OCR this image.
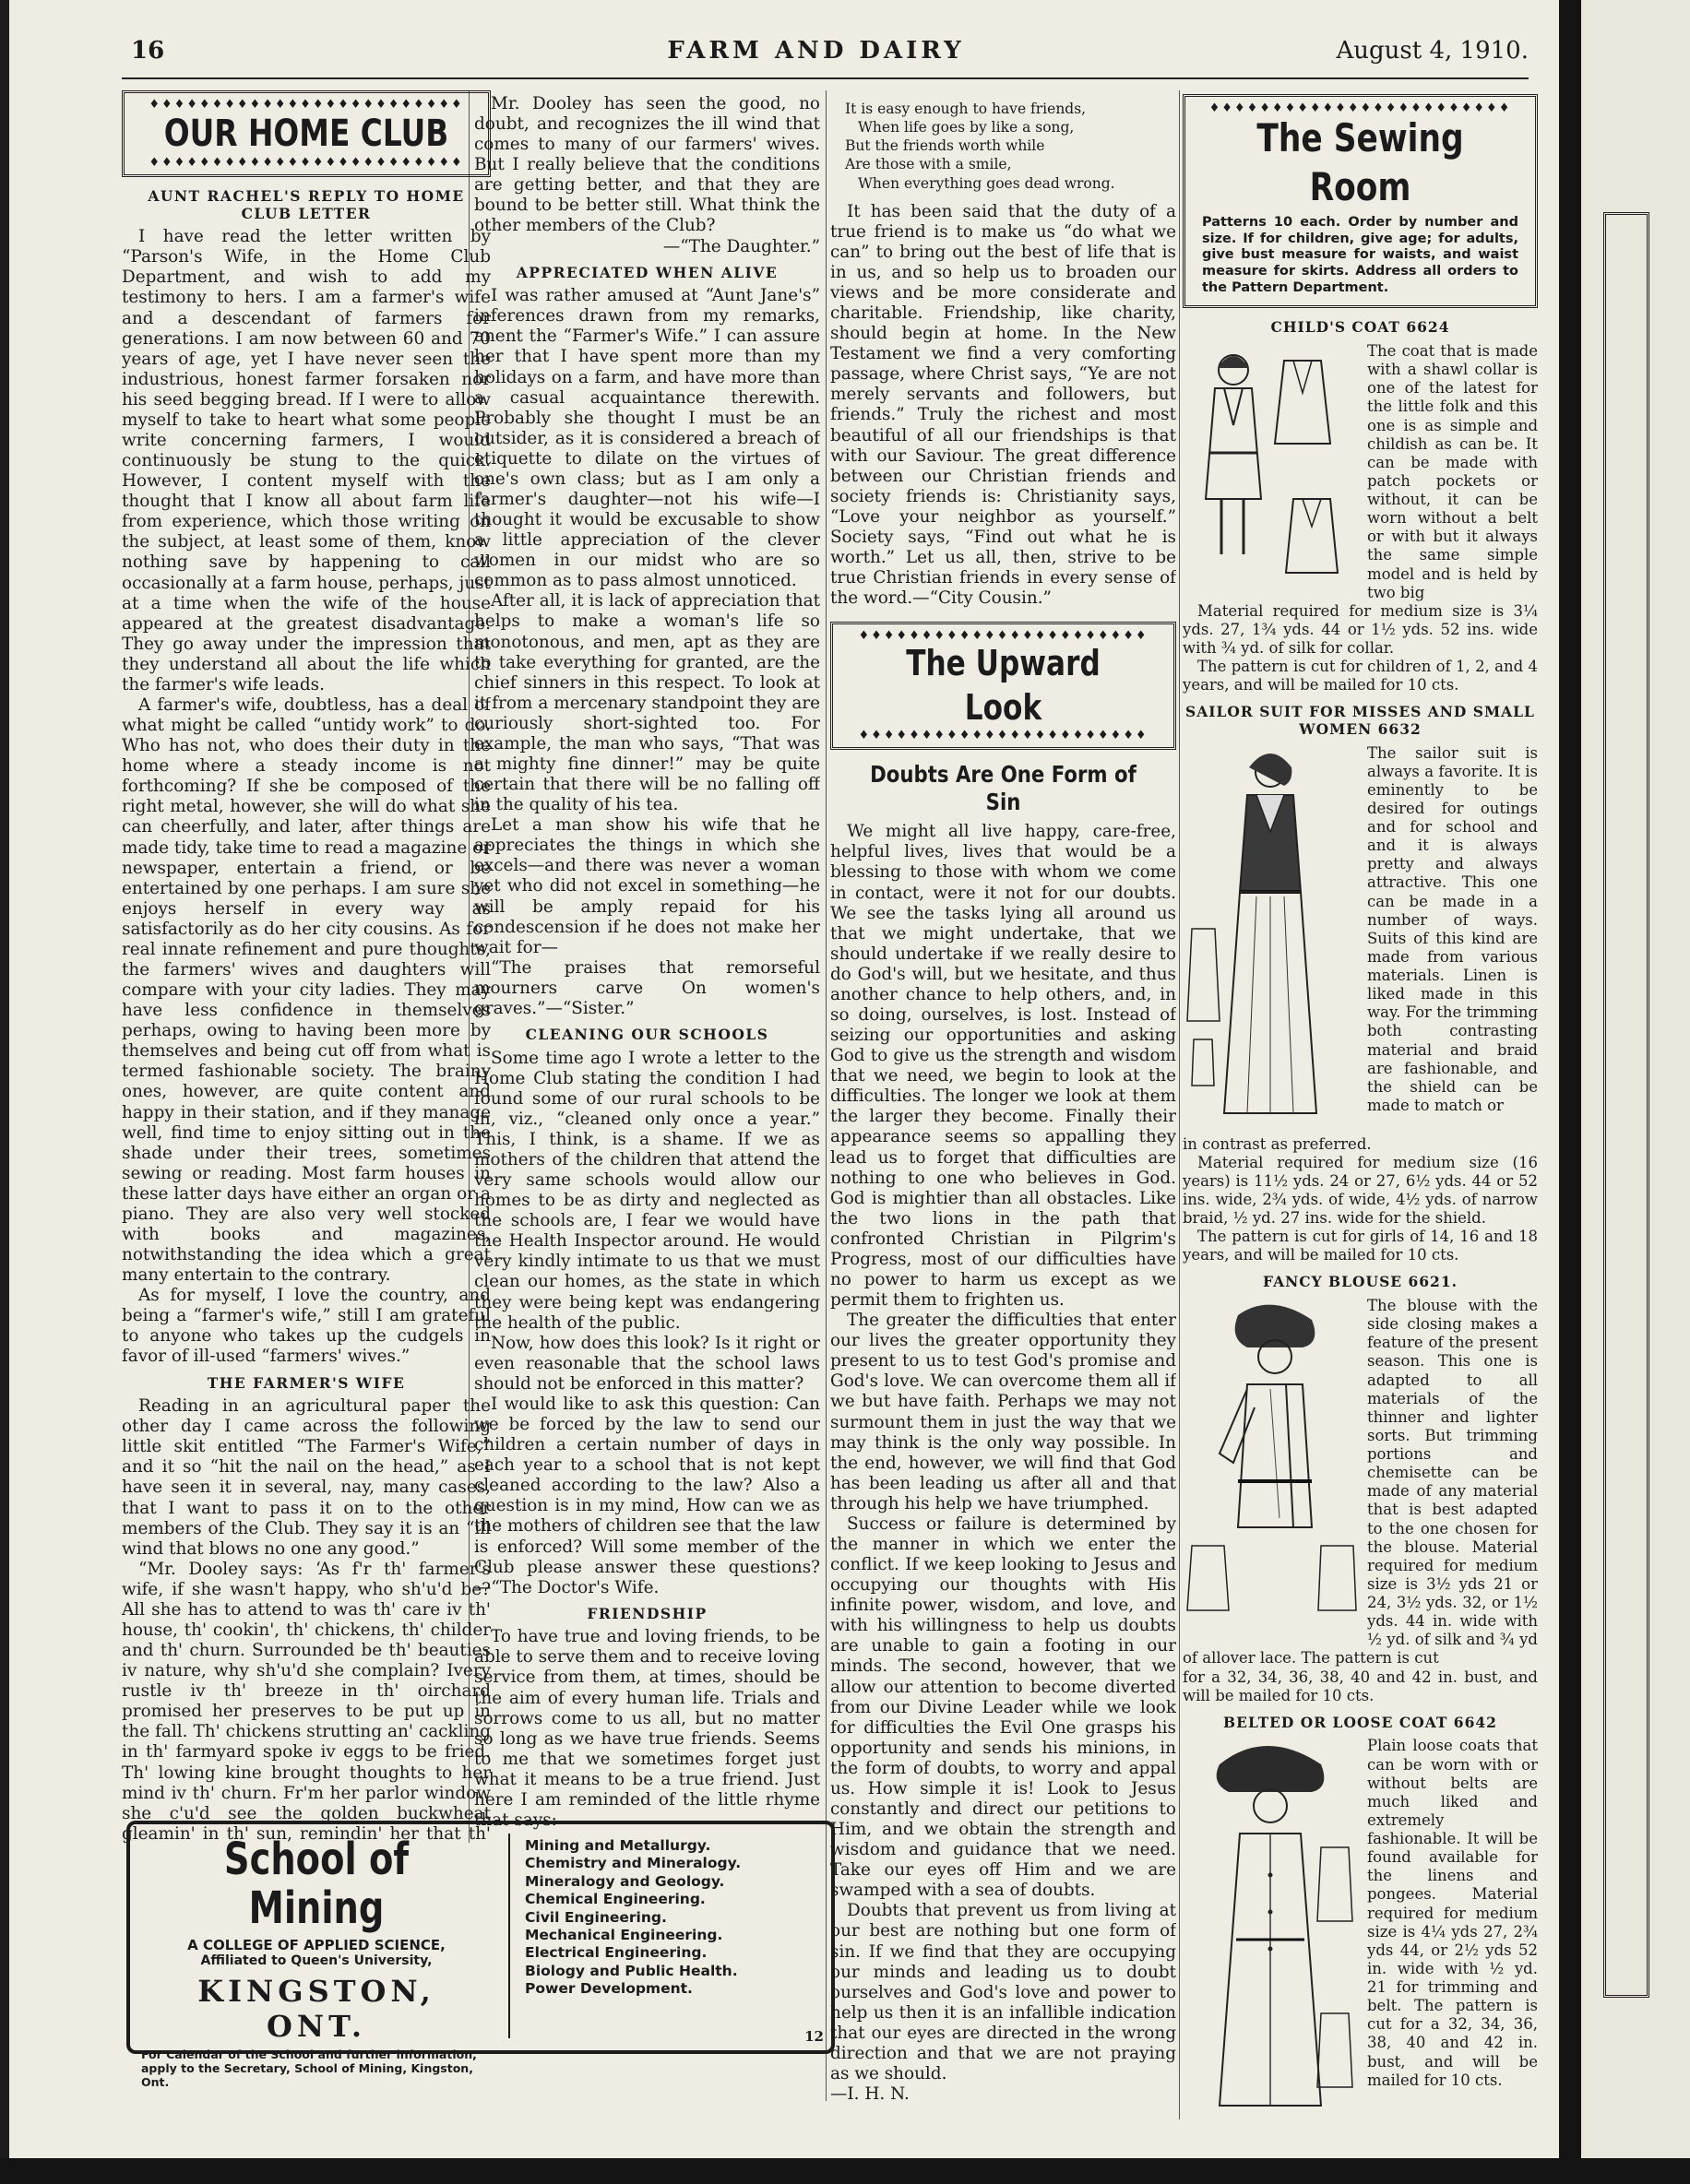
FARM AND DAIRY
16	August 4, 1910.
♦♦♦♦♦♦♦♦♦♦♦♦♦♦♦♦♦♦♦♦♦♦♦♦♦
OUR HOME CLUB
♦♦♦♦♦♦♦♦♦♦♦♦♦♦♦♦♦♦♦♦♦♦♦♦♦
AUNT RACHEL'S REPLY TO HOME CLUB LETTER

I have read the letter written by “Parson's Wife, in the Home Club Department, and wish to add my testimony to hers. I am a farmer's wife and a descendant of farmers for generations. I am now between 60 and 70 years of age, yet I have never seen the industrious, honest farmer forsaken nor his seed begging bread. If I were to allow myself to take to heart what some people write concerning farmers, I would continuously be stung to the quick. However, I content myself with the thought that I know all about farm life from experience, which those writing on the subject, at least some of them, know nothing save by happening to call occasionally at a farm house, perhaps, just at a time when the wife of the house appeared at the greatest disadvantage. They go away under the impression that they understand all about the life which the farmer's wife leads.

A farmer's wife, doubtless, has a deal of what might be called “untidy work” to do. Who has not, who does their duty in the home where a steady income is not forthcoming? If she be composed of the right metal, however, she will do what she can cheerfully, and later, after things are made tidy, take time to read a magazine or newspaper, entertain a friend, or be entertained by one perhaps. I am sure she enjoys herself in every way as satisfactorily as do her city cousins. As for real innate refinement and pure thoughts, the farmers' wives and daughters will compare with your city ladies. They may have less confidence in themselves perhaps, owing to having been more by themselves and being cut off from what is termed fashionable society. The brainy ones, however, are quite content and happy in their station, and if they manage well, find time to enjoy sitting out in the shade under their trees, sometimes sewing or reading. Most farm houses in these latter days have either an organ or a piano. They are also very well stocked with books and magazines, notwithstanding the idea which a great many entertain to the contrary.

As for myself, I love the country, and being a “farmer's wife,” still I am grateful to anyone who takes up the cudgels in favor of ill-used “farmers' wives.”

THE FARMER'S WIFE

Reading in an agricultural paper the other day I came across the following little skit entitled “The Farmer's Wife,” and it so “hit the nail on the head,” as I have seen it in several, nay, many cases, that I want to pass it on to the other members of the Club. They say it is an “ill wind that blows no one any good.”

“Mr. Dooley says: ‘As f'r th' farmer's wife, if she wasn't happy, who sh'u'd be? All she has to attend to was th' care iv th' house, th' cookin', th' chickens, th' childer and th' churn. Surrounded be th' beauties iv nature, why sh'u'd she complain? Ivery rustle iv th' breeze in th' oirchard promised her preserves to be put up in the fall. Th' chickens strutting an' cackling in th' farmyard spoke iv eggs to be fried. Th' lowing kine brought thoughts to her mind iv th' churn. Fr'm her parlor window she c'u'd see the golden buckwheat gleamin' in th' sun, remindin' her that th'

Mr. Dooley has seen the good, no doubt, and recognizes the ill wind that comes to many of our farmers' wives. But I really believe that the conditions are getting better, and that they are bound to be better still. What think the other members of the Club?

—“The Daughter.”

APPRECIATED WHEN ALIVE

I was rather amused at “Aunt Jane's” inferences drawn from my remarks, anent the “Farmer's Wife.” I can assure her that I have spent more than my holidays on a farm, and have more than a casual acquaintance therewith. Probably she thought I must be an outsider, as it is considered a breach of etiquette to dilate on the virtues of one's own class; but as I am only a farmer's daughter—not his wife—I thought it would be excusable to show a little appreciation of the clever women in our midst who are so common as to pass almost unnoticed.

After all, it is lack of appreciation that helps to make a woman's life so monotonous, and men, apt as they are to take everything for granted, are the chief sinners in this respect. To look at it from a mercenary standpoint they are curiously short-sighted too. For example, the man who says, “That was a mighty fine dinner!” may be quite certain that there will be no falling off in the quality of his tea.

Let a man show his wife that he appreciates the things in which she excels—and there was never a woman yet who did not excel in something—he will be amply repaid for his condescension if he does not make her wait for—

“The praises that remorseful mourners carve On women's graves.”—“Sister.”

CLEANING OUR SCHOOLS

Some time ago I wrote a letter to the Home Club stating the condition I had found some of our rural schools to be in, viz., “cleaned only once a year.” This, I think, is a shame. If we as mothers of the children that attend the very same schools would allow our homes to be as dirty and neglected as the schools are, I fear we would have the Health Inspector around. He would very kindly intimate to us that we must clean our homes, as the state in which they were being kept was endangering the health of the public.

Now, how does this look? Is it right or even reasonable that the school laws should not be enforced in this matter?

I would like to ask this question: Can we be forced by the law to send our children a certain number of days in each year to a school that is not kept cleaned according to the law? Also a question is in my mind, How can we as the mothers of children see that the law is enforced? Will some member of the Club please answer these questions?—“The Doctor's Wife.

FRIENDSHIP

To have true and loving friends, to be able to serve them and to receive loving service from them, at times, should be the aim of every human life. Trials and sorrows come to us all, but no matter so long as we have true friends. Seems to me that we sometimes forget just what it means to be a true friend. Just here I am reminded of the little rhyme that says:

It is easy enough to have friends,
When life goes by like a song,
But the friends worth while
Are those with a smile,
When everything goes dead wrong.

It has been said that the duty of a true friend is to make us “do what we can” to bring out the best of life that is in us, and so help us to broaden our views and be more considerate and charitable. Friendship, like charity, should begin at home. In the New Testament we find a very comforting passage, where Christ says, “Ye are not merely servants and followers, but friends.” Truly the richest and most beautiful of all our friendships is that with our Saviour. The great difference between our Christian friends and society friends is: Christianity says, “Love your neighbor as yourself.” Society says, “Find out what he is worth.” Let us all, then, strive to be true Christian friends in every sense of the word.—“City Cousin.”

♦♦♦♦♦♦♦♦♦♦♦♦♦♦♦♦♦♦♦♦♦♦♦
The Upward Look
♦♦♦♦♦♦♦♦♦♦♦♦♦♦♦♦♦♦♦♦♦♦♦
Doubts Are One Form of Sin

We might all live happy, care-free, helpful lives, lives that would be a blessing to those with whom we come in contact, were it not for our doubts. We see the tasks lying all around us that we might undertake, that we should undertake if we really desire to do God's will, but we hesitate, and thus another chance to help others, and, in so doing, ourselves, is lost. Instead of seizing our opportunities and asking God to give us the strength and wisdom that we need, we begin to look at the difficulties. The longer we look at them the larger they become. Finally their appearance seems so appalling they lead us to forget that difficulties are nothing to one who believes in God. God is mightier than all obstacles. Like the two lions in the path that confronted Christian in Pilgrim's Progress, most of our difficulties have no power to harm us except as we permit them to frighten us.

The greater the difficulties that enter our lives the greater opportunity they present to us to test God's promise and God's love. We can overcome them all if we but have faith. Perhaps we may not surmount them in just the way that we may think is the only way possible. In the end, however, we will find that God has been leading us after all and that through his help we have triumphed.

Success or failure is determined by the manner in which we enter the conflict. If we keep looking to Jesus and occupying our thoughts with His infinite power, wisdom, and love, and with his willingness to help us doubts are unable to gain a footing in our minds. The second, however, that we allow our attention to become diverted from our Divine Leader while we look for difficulties the Evil One grasps his opportunity and sends his minions, in the form of doubts, to worry and appal us. How simple it is! Look to Jesus constantly and direct our petitions to Him, and we obtain the strength and wisdom and guidance that we need. Take our eyes off Him and we are swamped with a sea of doubts.

Doubts that prevent us from living at our best are nothing but one form of sin. If we find that they are occupying our minds and leading us to doubt ourselves and God's love and power to help us then it is an infallible indication that our eyes are directed in the wrong direction and that we are not praying as we should.

—I. H. N.

♦♦♦♦♦♦♦♦♦♦♦♦♦♦♦♦♦♦♦♦♦♦♦♦
The Sewing Room
Patterns 10 each. Order by number and size. If for children, give age; for adults, give bust measure for waists, and waist measure for skirts. Address all orders to the Pattern Department.
CHILD'S COAT 6624
The coat that is made with a shawl collar is one of the latest for the little folk and this one is as simple and childish as can be. It can be made with patch pockets or without, it can be worn without a belt or with but it always the same simple model and is held by two big

Material required for medium size is 3¼ yds. 27, 1¾ yds. 44 or 1½ yds. 52 ins. wide with ¾ yd. of silk for collar.

The pattern is cut for children of 1, 2, and 4 years, and will be mailed for 10 cts.

SAILOR SUIT FOR MISSES AND SMALL WOMEN 6632
The sailor suit is always a favorite. It is eminently to be desired for outings and for school and and it is always pretty and always attractive. This one can be made in a number of ways. Suits of this kind are made from various materials. Linen is liked made in this way. For the trimming both contrasting material and braid are fashionable, and the shield can be made to match or

in contrast as preferred.

Material required for medium size (16 years) is 11½ yds. 24 or 27, 6½ yds. 44 or 52 ins. wide, 2¾ yds. of wide, 4½ yds. of narrow braid, ½ yd. 27 ins. wide for the shield.

The pattern is cut for girls of 14, 16 and 18 years, and will be mailed for 10 cts.

FANCY BLOUSE 6621.
The blouse with the side closing makes a feature of the present season. This one is adapted to all materials of the thinner and lighter sorts. But trimming portions and chemisette can be made of any material that is best adapted to the one chosen for the blouse. Material required for medium size is 3½ yds 21 or 24, 3½ yds. 32, or 1½ yds. 44 in. wide with ½ yd. of silk and ¾ yd of allover lace. The pattern is cut

for a 32, 34, 36, 38, 40 and 42 in. bust, and will be mailed for 10 cts.

BELTED OR LOOSE COAT 6642
Plain loose coats that can be worn with or without belts are much liked and extremely fashionable. It will be found available for the linens and pongees. Material required for medium size is 4¼ yds 27, 2¾ yds 44, or 2½ yds 52 in. wide with ½ yd. 21 for trimming and belt. The pattern is cut for a 32, 34, 36, 38, 40 and 42 in. bust, and will be mailed for 10 cts.
School of Mining
A COLLEGE OF APPLIED SCIENCE,
Affiliated to Queen's University,
KINGSTON, ONT.
For Calendar of the School and further information, apply to the Secretary, School of Mining, Kingston, Ont.
Mining and Metallurgy.
Chemistry and Mineralogy.
Mineralogy and Geology.
Chemical Engineering.
Civil Engineering.
Mechanical Engineering.
Electrical Engineering.
Biology and Public Health.
Power Development.
12
